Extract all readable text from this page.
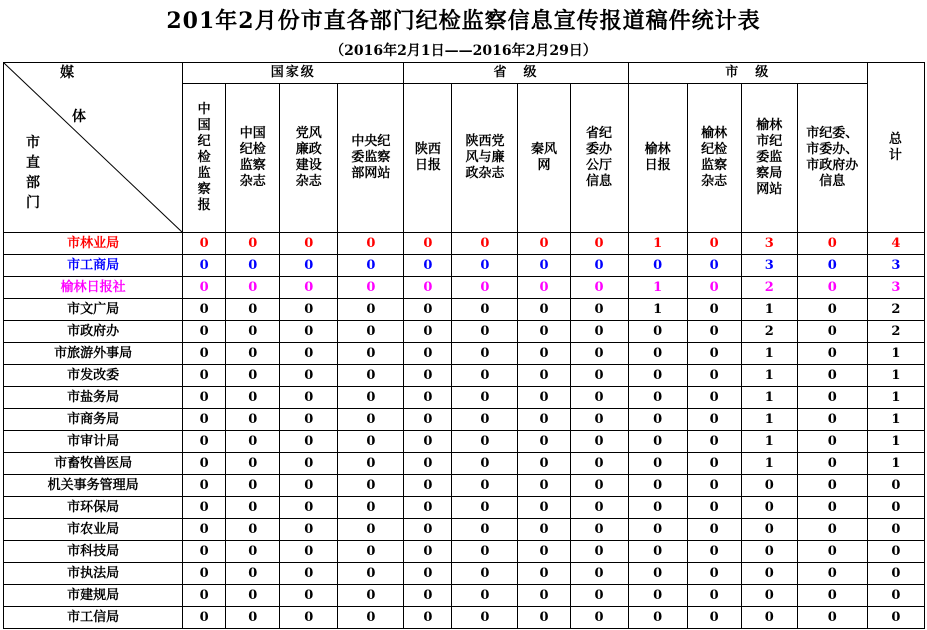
201年2月份市直各部门纪检监察信息宣传报道稿件统计表
（2016年2月1日——2016年2月29日）
媒
体
市直部门	国家级				省　级				市　级				总计
	中国纪检监察报	中国纪检监察杂志	党风廉政建设杂志	中央纪委监察部网站	陕西日报	陕西党风与廉政杂志	秦风网	省纪委办公厅信息	榆林日报	榆林纪检监察杂志	榆林市纪委监察局网站	市纪委、市委办、市政府办信息	
市林业局	0	0	0	0	0	0	0	0	1	0	3	0	4
市工商局	0	0	0	0	0	0	0	0	0	0	3	0	3
榆林日报社	0	0	0	0	0	0	0	0	1	0	2	0	3
市文广局	0	0	0	0	0	0	0	0	1	0	1	0	2
市政府办	0	0	0	0	0	0	0	0	0	0	2	0	2
市旅游外事局	0	0	0	0	0	0	0	0	0	0	1	0	1
市发改委	0	0	0	0	0	0	0	0	0	0	1	0	1
市盐务局	0	0	0	0	0	0	0	0	0	0	1	0	1
市商务局	0	0	0	0	0	0	0	0	0	0	1	0	1
市审计局	0	0	0	0	0	0	0	0	0	0	1	0	1
市畜牧兽医局	0	0	0	0	0	0	0	0	0	0	1	0	1
机关事务管理局	0	0	0	0	0	0	0	0	0	0	0	0	0
市环保局	0	0	0	0	0	0	0	0	0	0	0	0	0
市农业局	0	0	0	0	0	0	0	0	0	0	0	0	0
市科技局	0	0	0	0	0	0	0	0	0	0	0	0	0
市执法局	0	0	0	0	0	0	0	0	0	0	0	0	0
市建规局	0	0	0	0	0	0	0	0	0	0	0	0	0
市工信局	0	0	0	0	0	0	0	0	0	0	0	0	0
